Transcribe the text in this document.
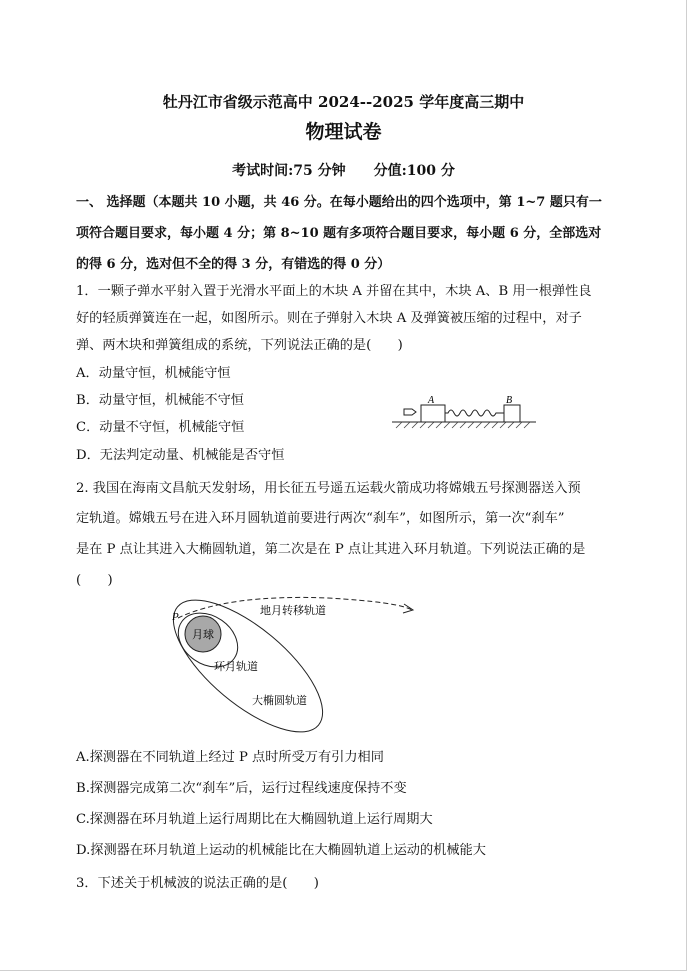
牡丹江市省级示范高中 2024--2025 学年度高三期中
物理试卷
考试时间:75 分钟 分值:100 分
一、 选择题（本题共 10 小题，共 46 分。在每小题给出的四个选项中，第 1~7 题只有一
项符合题目要求，每小题 4 分；第 8~10 题有多项符合题目要求，每小题 6 分，全部选对
的得 6 分，选对但不全的得 3 分，有错选的得 0 分）
1．一颗子弹水平射入置于光滑水平面上的木块 A 并留在其中，木块 A、B 用一根弹性良
好的轻质弹簧连在一起，如图所示。则在子弹射入木块 A 及弹簧被压缩的过程中，对子
弹、两木块和弹簧组成的系统，下列说法正确的是(　　)
A．动量守恒，机械能守恒
B．动量守恒，机械能不守恒
C．动量不守恒，机械能守恒
D．无法判定动量、机械能是否守恒
A	B
2. 我国在海南文昌航天发射场，用长征五号遥五运载火箭成功将嫦娥五号探测器送入预
定轨道。嫦娥五号在进入环月圆轨道前要进行两次“刹车”，如图所示，第一次“刹车”
是在 P 点让其进入大椭圆轨道，第二次是在 P 点让其进入环月轨道。下列说法正确的是
(　　)
月球
P	地月转移轨道
环月轨道
大椭圆轨道
A.探测器在不同轨道上经过 P 点时所受万有引力相同
B.探测器完成第二次“刹车”后，运行过程线速度保持不变
C.探测器在环月轨道上运行周期比在大椭圆轨道上运行周期大
D.探测器在环月轨道上运动的机械能比在大椭圆轨道上运动的机械能大
3．下述关于机械波的说法正确的是(　　)
